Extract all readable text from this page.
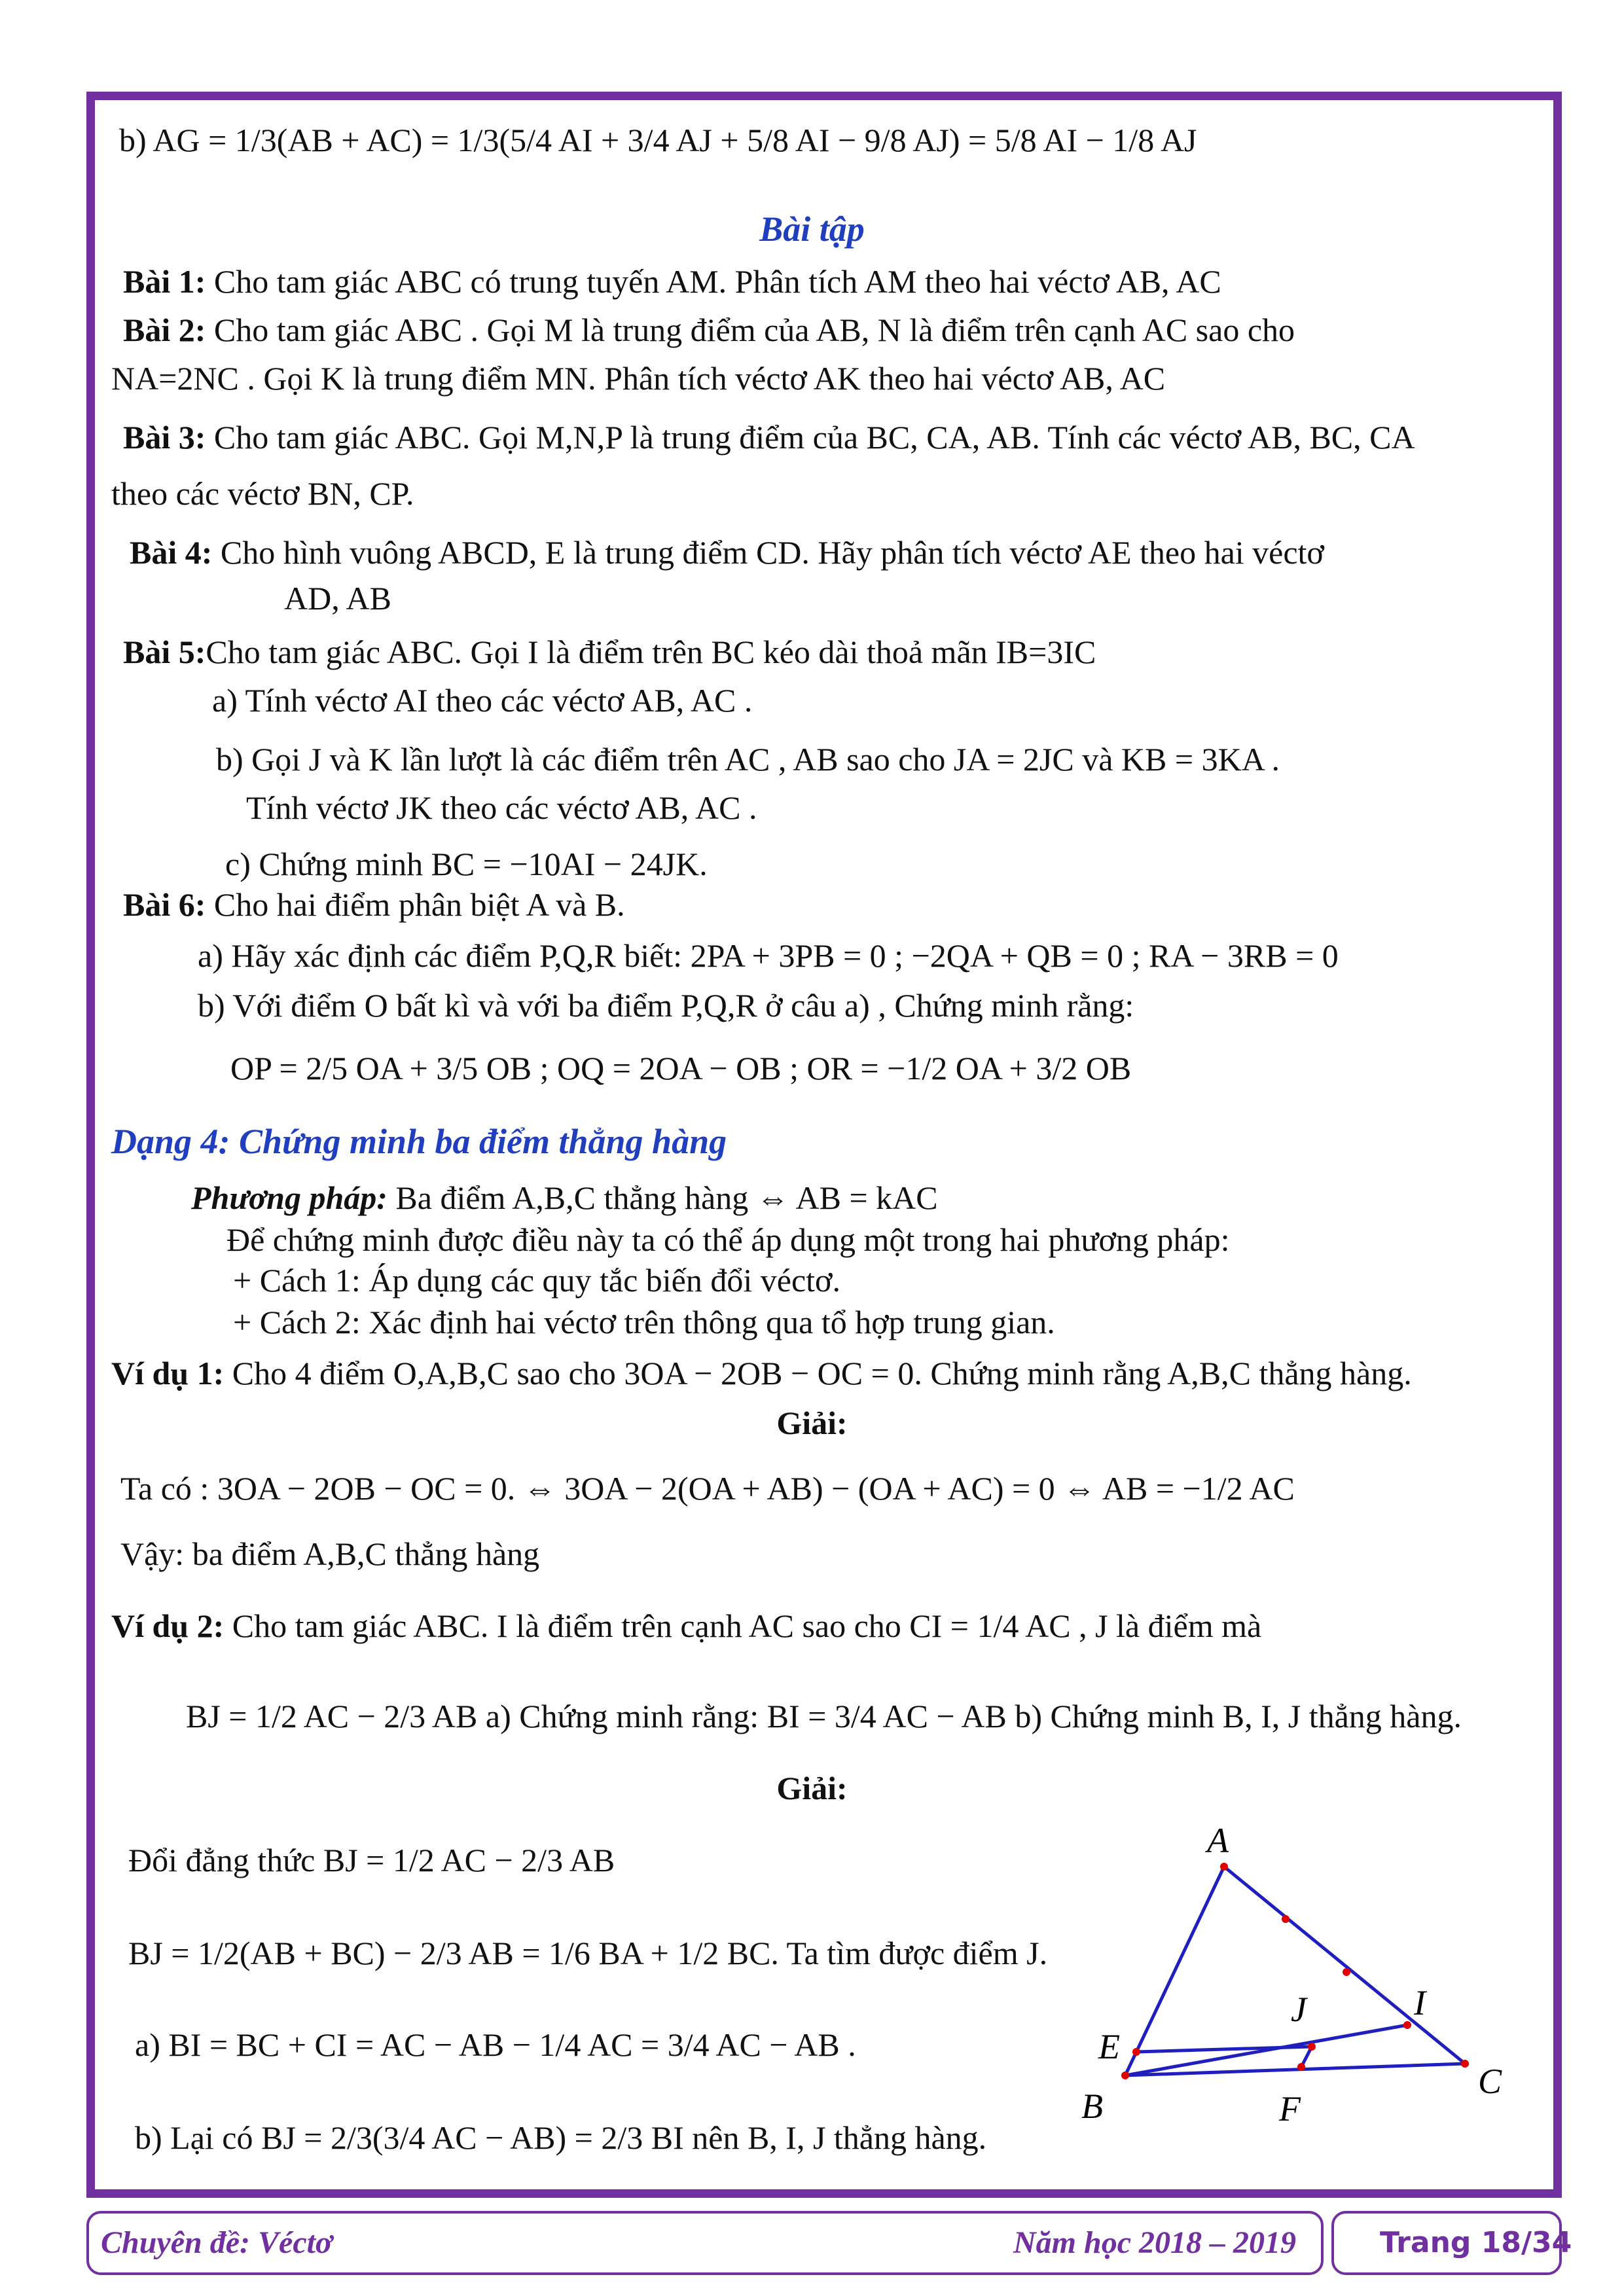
b) AG = 1/3(AB + AC) = 1/3(5/4 AI + 3/4 AJ + 5/8 AI − 9/8 AJ) = 5/8 AI − 1/8 AJ
Bài tập
Bài 1: Cho tam giác ABC có trung tuyến AM. Phân tích AM theo hai véctơ AB, AC
Bài 2: Cho tam giác ABC . Gọi M là trung điểm của AB, N là điểm trên cạnh AC sao cho
NA=2NC . Gọi K là trung điểm MN. Phân tích véctơ AK theo hai véctơ AB, AC
Bài 3: Cho tam giác ABC. Gọi M,N,P là trung điểm của BC, CA, AB. Tính các véctơ AB, BC, CA
theo các véctơ BN, CP.
Bài 4: Cho hình vuông ABCD, E là trung điểm CD. Hãy phân tích véctơ AE theo hai véctơ
AD, AB
Bài 5:Cho tam giác ABC. Gọi I là điểm trên BC kéo dài thoả mãn IB=3IC
a) Tính véctơ AI theo các véctơ AB, AC .
b) Gọi J và K lần lượt là các điểm trên AC , AB sao cho JA = 2JC và KB = 3KA .
Tính véctơ JK theo các véctơ AB, AC .
c) Chứng minh BC = −10AI − 24JK.
Bài 6: Cho hai điểm phân biệt A và B.
a) Hãy xác định các điểm P,Q,R biết: 2PA + 3PB = 0 ; −2QA + QB = 0 ; RA − 3RB = 0
b) Với điểm O bất kì và với ba điểm P,Q,R ở câu a) , Chứng minh rằng:
OP = 2/5 OA + 3/5 OB ; OQ = 2OA − OB ; OR = −1/2 OA + 3/2 OB
Dạng 4: Chứng minh ba điểm thẳng hàng
Phương pháp: Ba điểm A,B,C thẳng hàng ⇔ AB = kAC
Để chứng minh được điều này ta có thể áp dụng một trong hai phương pháp:
+ Cách 1: Áp dụng các quy tắc biến đổi véctơ.
+ Cách 2: Xác định hai véctơ trên thông qua tổ hợp trung gian.
Ví dụ 1: Cho 4 điểm O,A,B,C sao cho 3OA − 2OB − OC = 0. Chứng minh rằng A,B,C thẳng hàng.
Giải:
Ta có : 3OA − 2OB − OC = 0. ⇔ 3OA − 2(OA + AB) − (OA + AC) = 0 ⇔ AB = −1/2 AC
Vậy: ba điểm A,B,C thẳng hàng
Ví dụ 2: Cho tam giác ABC. I là điểm trên cạnh AC sao cho CI = 1/4 AC , J là điểm mà
BJ = 1/2 AC − 2/3 AB a) Chứng minh rằng: BI = 3/4 AC − AB b) Chứng minh B, I, J thẳng hàng.
Giải:
Đổi đẳng thức BJ = 1/2 AC − 2/3 AB
BJ = 1/2(AB + BC) − 2/3 AB = 1/6 BA + 1/2 BC. Ta tìm được điểm J.
a) BI = BC + CI = AC − AB − 1/4 AC = 3/4 AC − AB .
b) Lại có BJ = 2/3(3/4 AC − AB) = 2/3 BI nên B, I, J thẳng hàng.
A
J	I
E
B	F
C
Chuyên đề: Véctơ	Năm học 2018 – 2019	Trang 18/34
